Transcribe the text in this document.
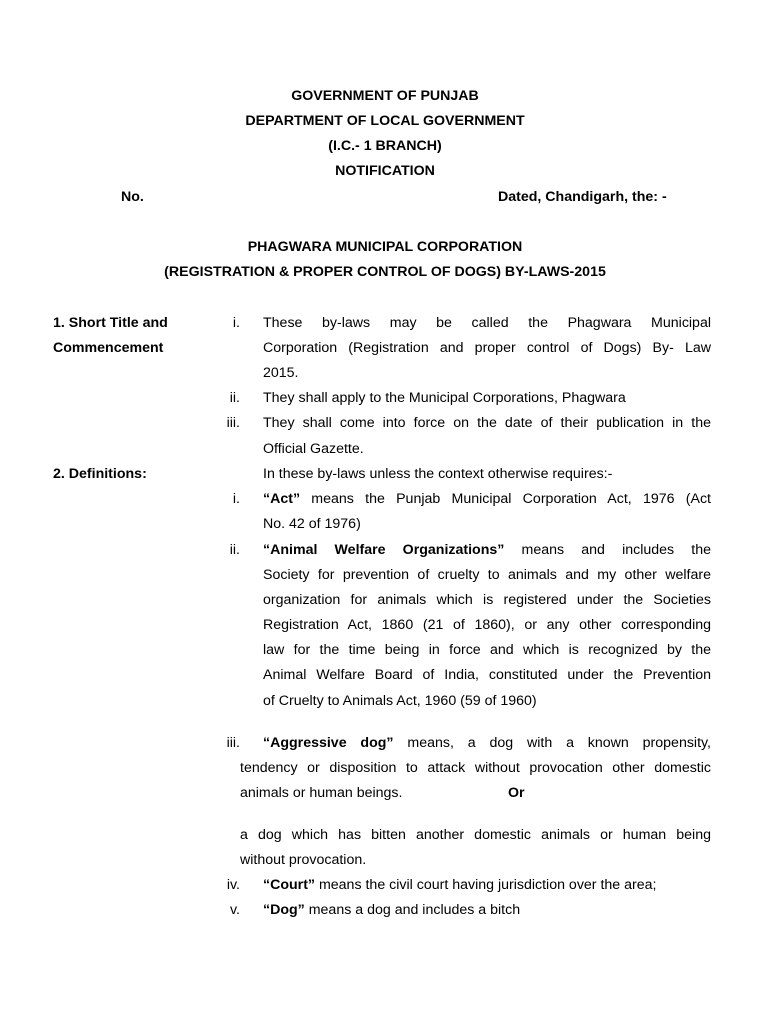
GOVERNMENT OF PUNJAB
DEPARTMENT OF LOCAL GOVERNMENT
(I.C.- 1 BRANCH)
NOTIFICATION
No.	Dated, Chandigarh, the: -
PHAGWARA MUNICIPAL CORPORATION
(REGISTRATION & PROPER CONTROL OF DOGS) BY-LAWS-2015
1. Short Title and
Commencement
i. These by-laws may be called the Phagwara Municipal
Corporation (Registration and proper control of Dogs) By- Law
2015.
ii. They shall apply to the Municipal Corporations, Phagwara
iii. They shall come into force on the date of their publication in the
Official Gazette.
2. Definitions:	In these by-laws unless the context otherwise requires:-
i. “Act” means the Punjab Municipal Corporation Act, 1976 (Act
No. 42 of 1976)
ii. “Animal Welfare Organizations” means and includes the
Society for prevention of cruelty to animals and my other welfare
organization for animals which is registered under the Societies
Registration Act, 1860 (21 of 1860), or any other corresponding
law for the time being in force and which is recognized by the
Animal Welfare Board of India, constituted under the Prevention
of Cruelty to Animals Act, 1960 (59 of 1960)
iii. “Aggressive dog” means, a dog with a known propensity,
tendency or disposition to attack without provocation other domestic
animals or human beings.	Or
a dog which has bitten another domestic animals or human being
without provocation.
iv. “Court” means the civil court having jurisdiction over the area;
v. “Dog” means a dog and includes a bitch
